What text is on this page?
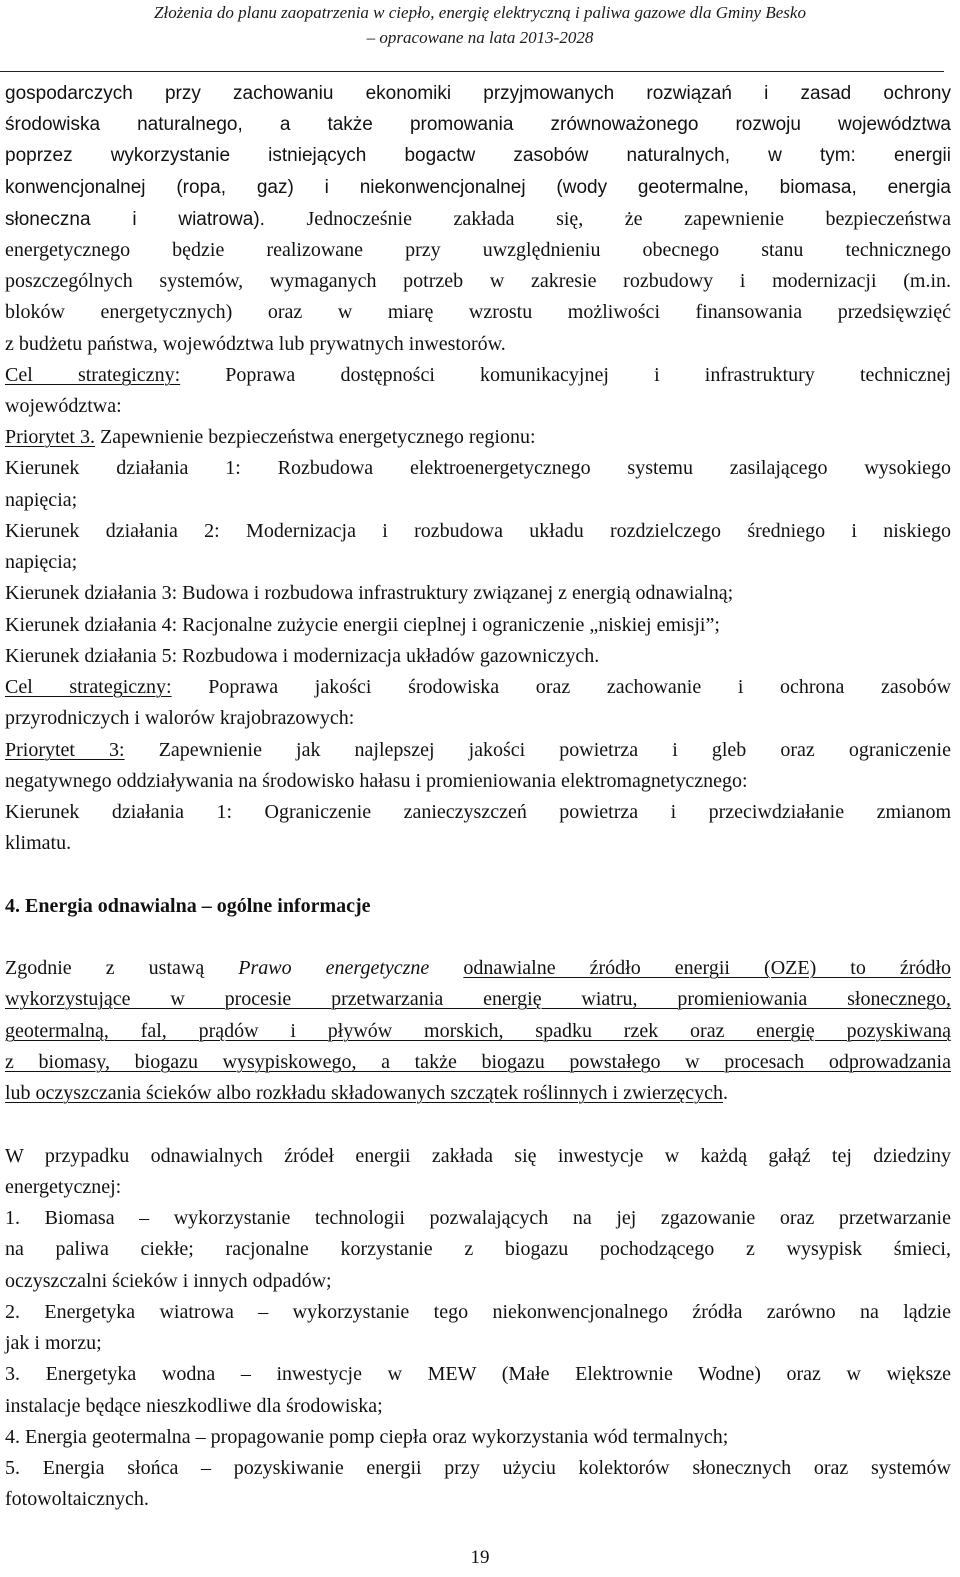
Złożenia do planu zaopatrzenia w ciepło, energię elektryczną i paliwa gazowe dla Gminy Besko
– opracowane na lata 2013-2028
gospodarczych przy zachowaniu ekonomiki przyjmowanych rozwiązań i zasad ochrony
środowiska naturalnego, a także promowania zrównoważonego rozwoju województwa
poprzez wykorzystanie istniejących bogactw zasobów naturalnych, w tym: energii
konwencjonalnej (ropa, gaz) i niekonwencjonalnej (wody geotermalne, biomasa, energia
słoneczna i wiatrowa). Jednocześnie zakłada się, że zapewnienie bezpieczeństwa
energetycznego będzie realizowane przy uwzględnieniu obecnego stanu technicznego
poszczególnych systemów, wymaganych potrzeb w zakresie rozbudowy i modernizacji (m.in.
bloków energetycznych) oraz w miarę wzrostu możliwości finansowania przedsięwzięć
z budżetu państwa, województwa lub prywatnych inwestorów.
Cel strategiczny: Poprawa dostępności komunikacyjnej i infrastruktury technicznej
województwa:
Priorytet 3. Zapewnienie bezpieczeństwa energetycznego regionu:
Kierunek działania 1: Rozbudowa elektroenergetycznego systemu zasilającego wysokiego
napięcia;
Kierunek działania 2: Modernizacja i rozbudowa układu rozdzielczego średniego i niskiego
napięcia;
Kierunek działania 3: Budowa i rozbudowa infrastruktury związanej z energią odnawialną;
Kierunek działania 4: Racjonalne zużycie energii cieplnej i ograniczenie „niskiej emisji”;
Kierunek działania 5: Rozbudowa i modernizacja układów gazowniczych.
Cel strategiczny: Poprawa jakości środowiska oraz zachowanie i ochrona zasobów
przyrodniczych i walorów krajobrazowych:
Priorytet 3: Zapewnienie jak najlepszej jakości powietrza i gleb oraz ograniczenie
negatywnego oddziaływania na środowisko hałasu i promieniowania elektromagnetycznego:
Kierunek działania 1: Ograniczenie zanieczyszczeń powietrza i przeciwdziałanie zmianom
klimatu.
4. Energia odnawialna – ogólne informacje
Zgodnie z ustawą Prawo energetyczne odnawialne źródło energii (OZE) to źródło
wykorzystujące w procesie przetwarzania energię wiatru, promieniowania słonecznego,
geotermalną, fal, prądów i pływów morskich, spadku rzek oraz energię pozyskiwaną
z biomasy, biogazu wysypiskowego, a także biogazu powstałego w procesach odprowadzania
lub oczyszczania ścieków albo rozkładu składowanych szczątek roślinnych i zwierzęcych.
W przypadku odnawialnych źródeł energii zakłada się inwestycje w każdą gałąź tej dziedziny
energetycznej:
1. Biomasa – wykorzystanie technologii pozwalających na jej zgazowanie oraz przetwarzanie
na paliwa ciekłe; racjonalne korzystanie z biogazu pochodzącego z wysypisk śmieci,
oczyszczalni ścieków i innych odpadów;
2. Energetyka wiatrowa – wykorzystanie tego niekonwencjonalnego źródła zarówno na lądzie
jak i morzu;
3. Energetyka wodna – inwestycje w MEW (Małe Elektrownie Wodne) oraz w większe
instalacje będące nieszkodliwe dla środowiska;
4. Energia geotermalna – propagowanie pomp ciepła oraz wykorzystania wód termalnych;
5. Energia słońca – pozyskiwanie energii przy użyciu kolektorów słonecznych oraz systemów
fotowoltaicznych.
19
